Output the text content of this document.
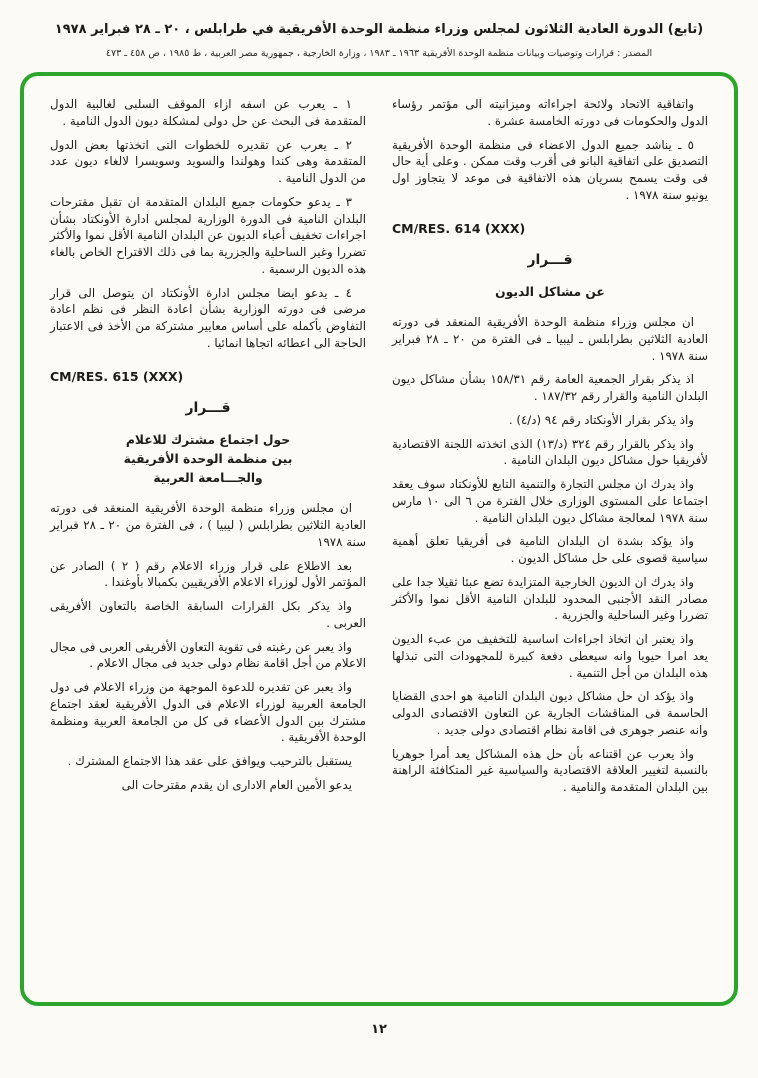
(تابع) الدورة العادية الثلاثون لمجلس وزراء منظمة الوحدة الأفريقية في طرابلس ، ٢٠ ـ ٢٨ فبراير ١٩٧٨
المصدر : قرارات وتوصيات وبيانات منظمة الوحدة الأفريقية ١٩٦٣ ـ ١٩٨٣ ، وزارة الخارجية ، جمهورية مصر العربية ، ط ١٩٨٥ ، ص ٤٥٨ ـ ٤٧٣

واتفاقية الاتحاد ولائحة اجراءاته وميزانيته الى مؤتمر رؤساء الدول والحكومات فى دورته الخامسة عشرة .

٥ ـ يناشد جميع الدول الاعضاء فى منظمة الوحدة الأفريقية التصديق على اتفاقية البانو فى أقرب وقت ممكن . وعلى أية حال فى وقت يسمح بسريان هذه الاتفاقية فى موعد لا يتجاوز اول يونيو سنة ١٩٧٨ .

CM/RES. 614 (XXX)
قـــرار
عن مشاكل الديون

ان مجلس وزراء منظمة الوحدة الأفريقية المنعقد فى دورته العادية الثلاثين بطرابلس ـ ليبيا ـ فى الفترة من ٢٠ ـ ٢٨ فبراير سنة ١٩٧٨ .

اذ يذكر بقرار الجمعية العامة رقم ١٥٨/٣١ بشأن مشاكل ديون البلدان النامية والقرار رقم ١٨٧/٣٢ .

واذ يذكر بقرار الأونكتاد رقم ٩٤ (د/٤) .

واذ يذكر بالقرار رقم ٣٢٤ (د/١٣) الذى اتخذته اللجنة الاقتصادية لأفريقيا حول مشاكل ديون البلدان النامية .

واذ يدرك ان مجلس التجارة والتنمية التابع للأونكتاد سوف يعقد اجتماعا على المستوى الوزارى خلال الفترة من ٦ الى ١٠ مارس سنة ١٩٧٨ لمعالجة مشاكل ديون البلدان النامية .

واذ يؤكد بشدة ان البلدان النامية فى أفريقيا تعلق أهمية سياسية قصوى على حل مشاكل الديون .

واذ يدرك ان الديون الخارجية المتزايدة تضع عبئا ثقيلا جدا على مصادر النقد الأجنبى المحدود للبلدان النامية الأقل نموا والأكثر تضررا وغير الساحلية والجزرية .

واذ يعتبر ان اتخاذ اجراءات اساسية للتخفيف من عبء الديون يعد امرا حيويا وانه سيعطى دفعة كبيرة للمجهودات التى تبذلها هذه البلدان من أجل التنمية .

واذ يؤكد ان حل مشاكل ديون البلدان النامية هو احدى القضايا الحاسمة فى المناقشات الجارية عن التعاون الاقتصادى الدولى وانه عنصر جوهرى فى اقامة نظام اقتصادى دولى جديد .

واذ يعرب عن اقتناعه بأن حل هذه المشاكل يعد أمرا جوهريا بالنسبة لتغيير العلاقة الاقتصادية والسياسية غير المتكافئة الراهنة بين البلدان المتقدمة والنامية .

١ ـ يعرب عن اسفه ازاء الموقف السلبى لغالبية الدول المتقدمة فى البحث عن حل دولى لمشكلة ديون الدول النامية .

٢ ـ يعرب عن تقديره للخطوات التى اتخذتها بعض الدول المتقدمة وهى كندا وهولندا والسويد وسويسرا لالغاء ديون عدد من الدول النامية .

٣ ـ يدعو حكومات جميع البلدان المتقدمة ان تقبل مقترحات البلدان النامية فى الدورة الوزارية لمجلس ادارة الأونكتاد بشأن اجراءات تخفيف أعباء الديون عن البلدان النامية الأقل نموا والأكثر تضررا وغير الساحلية والجزرية بما فى ذلك الاقتراح الخاص بالغاء هذه الديون الرسمية .

٤ ـ يدعو ايضا مجلس ادارة الأونكتاد ان يتوصل الى قرار مرضى فى دورته الوزارية بشأن اعادة النظر فى نظم اعادة التفاوض بأكمله على أساس معايير مشتركة من الأخذ فى الاعتبار الحاجة الى اعطائه اتجاها انمائيا .

CM/RES. 615 (XXX)
قـــرار
حول اجتماع مشترك للاعلام
بين منظمة الوحدة الأفريقية
والجـــامعة العربية

ان مجلس وزراء منظمة الوحدة الأفريقية المنعقد فى دورته العادية الثلاثين بطرابلس ( ليبيا ) ، فى الفترة من ٢٠ ـ ٢٨ فبراير سنة ١٩٧٨

بعد الاطلاع على قرار وزراء الاعلام رقم ( ٢ ) الصادر عن المؤتمر الأول لوزراء الاعلام الأفريقيين بكمبالا بأوغندا .

واذ يذكر بكل القرارات السابقة الخاصة بالتعاون الأفريقى العربى .

واذ يعبر عن رغبته فى تقوية التعاون الأفريقى العربى فى مجال الاعلام من أجل اقامة نظام دولى جديد فى مجال الاعلام .

واذ يعبر عن تقديره للدعوة الموجهة من وزراء الاعلام فى دول الجامعة العربية لوزراء الاعلام فى الدول الأفريقية لعقد اجتماع مشترك بين الدول الأعضاء فى كل من الجامعة العربية ومنظمة الوحدة الأفريقية .

يستقبل بالترحيب ويوافق على عقد هذا الاجتماع المشترك .

يدعو الأمين العام الادارى ان يقدم مقترحات الى

١٢
